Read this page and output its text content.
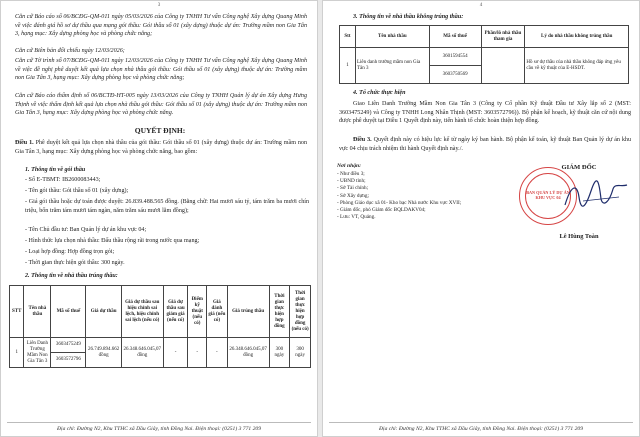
3
Căn cứ Báo cáo số 06/BCĐG-QM-011 ngày 05/03/2026 của Công ty TNHH Tư vấn Công nghệ Xây dựng Quang Minh về việc đánh giá hồ sơ dự thầu qua mạng gói thầu: Gói thầu số 01 (xây dựng) thuộc dự án: Trường mầm non Gia Tân 3, hạng mục: Xây dựng phòng học và phòng chức năng;
Căn cứ Biên bản đối chiếu ngày 12/03/2026;
Căn cứ Tờ trình số 07/BCĐG-QM-011 ngày 12/03/2026 của Công ty TNHH Tư vấn Công nghệ Xây dựng Quang Minh về việc đề nghị phê duyệt kết quả lựa chọn nhà thầu gói thầu: Gói thầu số 01 (xây dựng) thuộc dự án: Trường mầm non Gia Tân 3, hạng mục: Xây dựng phòng học và phòng chức năng;
Căn cứ Báo cáo thẩm định số 06/BCTĐ-HT-005 ngày 13/03/2026 của Công ty TNHH Quản lý dự án Xây dựng Hưng Thịnh về việc thẩm định kết quả lựa chọn nhà thầu gói thầu: Gói thầu số 01 (xây dựng) thuộc dự án: Trường mầm non Gia Tân 3, hạng mục: Xây dựng phòng học và phòng chức năng.
QUYẾT ĐỊNH:
Điều 1. Phê duyệt kết quả lựa chọn nhà thầu của gói thầu: Gói thầu số 01 (xây dựng) thuộc dự án: Trường mầm non Gia Tân 3, hạng mục: Xây dựng phòng học và phòng chức năng, bao gồm:
1. Thông tin về gói thầu
- Số E-TBMT: IB2600083443;
- Tên gói thầu: Gói thầu số 01 (xây dựng);
- Giá gói thầu hoặc dự toán được duyệt: 26.839.488.565 đồng. (Bằng chữ: Hai mươi sáu tỷ, tám trăm ba mươi chín triệu, bốn trăm tám mươi tám ngàn, năm trăm sáu mươi lăm đồng);
- Tên Chủ đầu tư: Ban Quản lý dự án khu vực 04;
- Hình thức lựa chọn nhà thầu: Đấu thầu rộng rãi trong nước qua mạng;
- Loại hợp đồng: Hợp đồng trọn gói;
- Thời gian thực hiện gói thầu: 300 ngày.
2. Thông tin về nhà thầu trúng thầu:
STT	Tên nhà thầu	Mã số thuế	Giá dự thầu	Giá dự thầu sau hiệu chỉnh sai lệch, hiệu chỉnh sai lệch (nếu có)	Giá dự thầu sau giảm giá (nếu có)	Điểm kỹ thuật (nếu có)	Giá đánh giá (nếu có)	Giá trúng thầu	Thời gian thực hiện hợp đồng	Thời gian thực hiện hợp đồng (nếu có)
1	Liên Danh Trường Mầm Non Gia Tân 3	3603475249	26.749.894.662 đồng	26.348.646.045,07 đồng	-	-	-	26.348.646.045,07 đồng	300 ngày	300 ngày
		3603572796								
Địa chỉ: Đường N2, Khu TTHC xã Dầu Giây, tỉnh Đồng Nai. Điện thoại: (0251) 3 771 209
4
3. Thông tin về nhà thầu không trúng thầu:
Stt	Tên nhà thầu	Mã số thuế	Phần/lô nhà thầu tham gia	Lý do nhà thầu không trúng thầu
1	Liên danh trường mầm non Gia Tân 3	3601594554		Hồ sơ dự thầu của nhà thầu không đáp ứng yêu cầu về kỹ thuật của E-HSDT.
		3603750569		
4. Tổ chức thực hiện
Giao Liên Danh Trường Mầm Non Gia Tân 3 (Công ty Cổ phần Kỹ thuật Đầu tư Xây lắp số 2 (MST: 3603475249) và Công ty TNHH Long Nhân Thịnh (MST: 3603572796)). Bộ phận kế hoạch, kỹ thuật căn cứ nội dung được phê duyệt tại Điều 1 Quyết định này, tiến hành tổ chức hoàn thiện hợp đồng.
Điều 3. Quyết định này có hiệu lực kể từ ngày ký ban hành. Bộ phận kế toán, kỹ thuật Ban Quản lý dự án khu vực 04 chịu trách nhiệm thi hành Quyết định này./.
Nơi nhận:
- Như điều 3;
- UBND tỉnh;
- Sở Tài chính;
- Sở Xây dựng;
- Phòng Giáo dục xã 01- Kho bạc Nhà nước Khu vực XVII;
- Giám đốc, phó Giám đốc BQLDAKV04;
- Lưu: VT, Quảng.
GIÁM ĐỐC
BAN QUẢN LÝ DỰ ÁN KHU VỰC 04
Lê Hùng Toàn
Địa chỉ: Đường N2, Khu TTHC xã Dầu Giây, tỉnh Đồng Nai. Điện thoại: (0251) 3 771 209
